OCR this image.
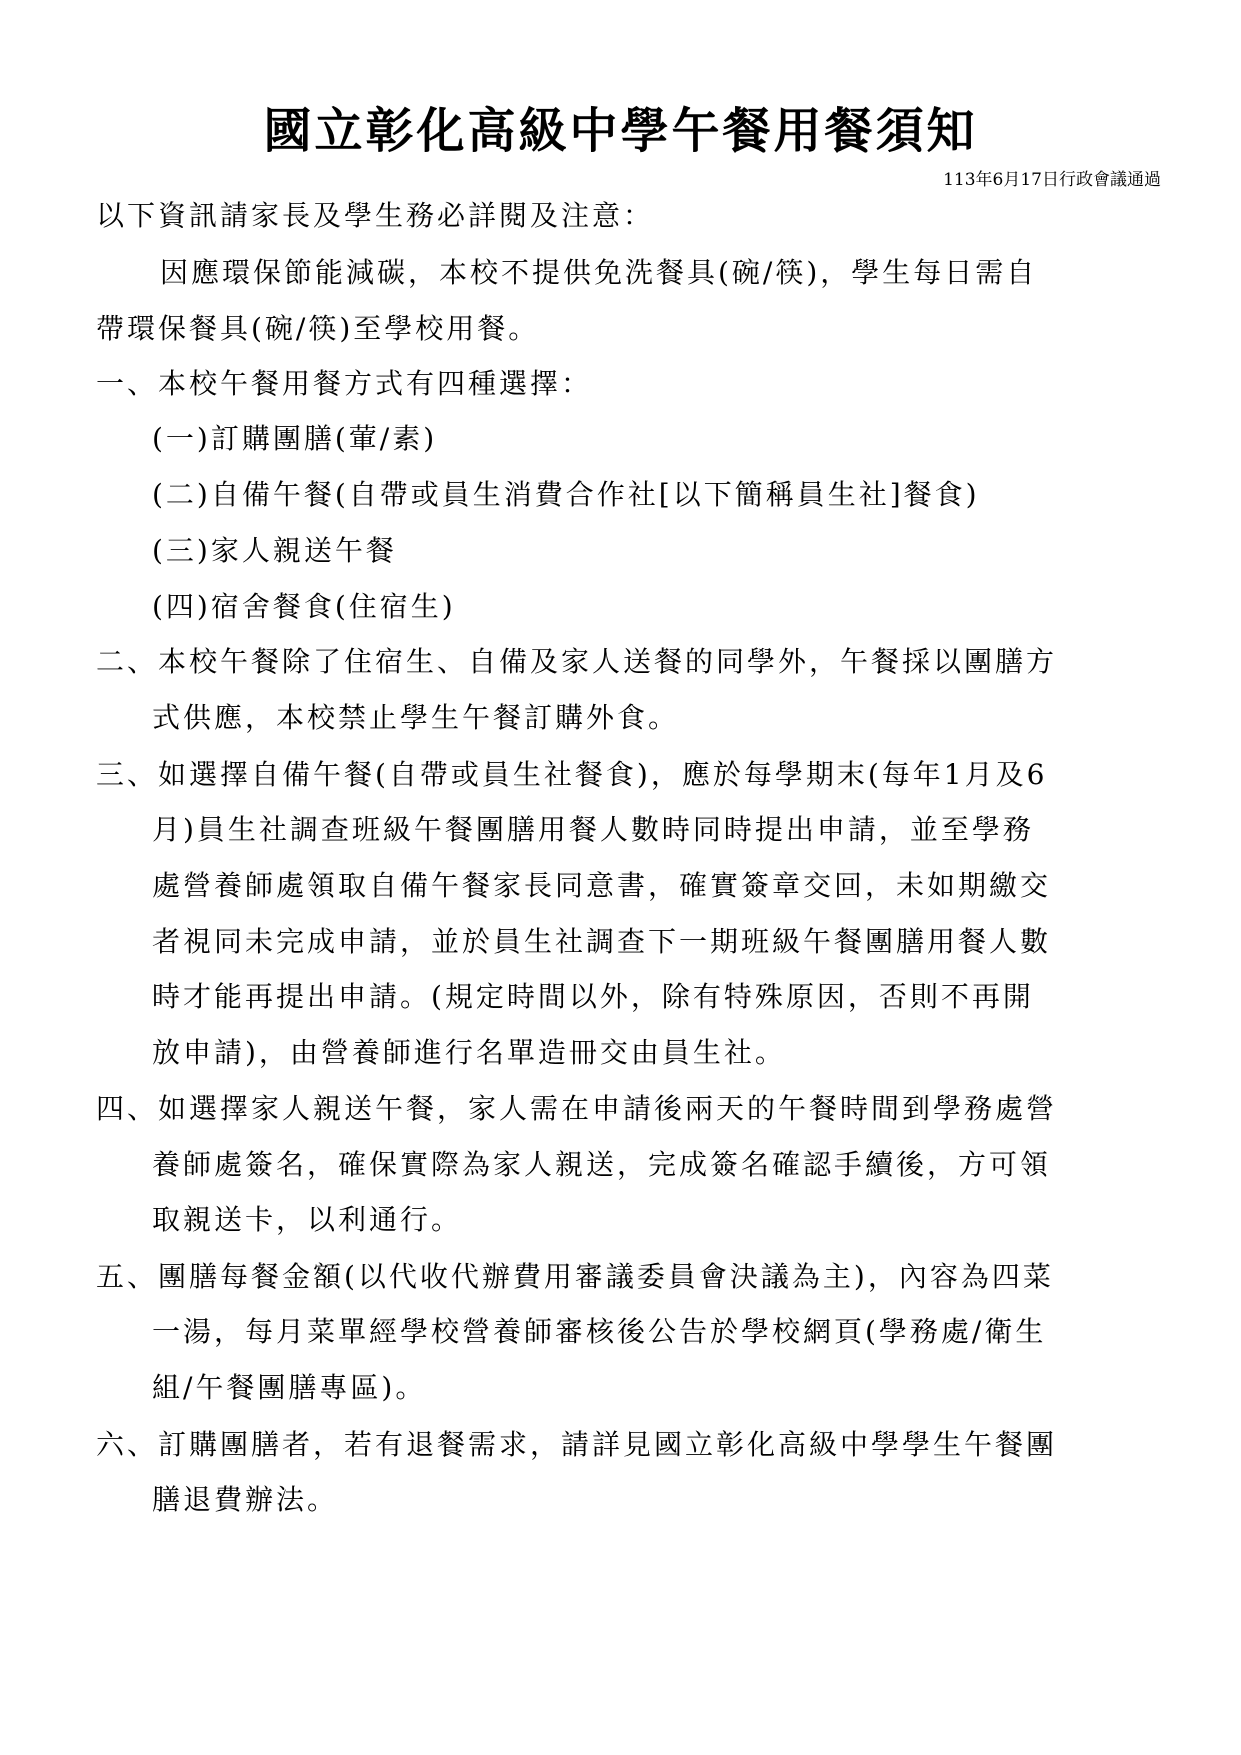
國立彰化高級中學午餐用餐須知
113年6月17日行政會議通過
以下資訊請家長及學生務必詳閱及注意：
因應環保節能減碳，本校不提供免洗餐具(碗/筷)，學生每日需自
帶環保餐具(碗/筷)至學校用餐。
一、本校午餐用餐方式有四種選擇：
(一)訂購團膳(葷/素)
(二)自備午餐(自帶或員生消費合作社[以下簡稱員生社]餐食)
(三)家人親送午餐
(四)宿舍餐食(住宿生)
二、本校午餐除了住宿生、自備及家人送餐的同學外，午餐採以團膳方
式供應，本校禁止學生午餐訂購外食。
三、如選擇自備午餐(自帶或員生社餐食)，應於每學期末(每年1月及6
月)員生社調查班級午餐團膳用餐人數時同時提出申請，並至學務
處營養師處領取自備午餐家長同意書，確實簽章交回，未如期繳交
者視同未完成申請，並於員生社調查下一期班級午餐團膳用餐人數
時才能再提出申請。(規定時間以外，除有特殊原因，否則不再開
放申請)，由營養師進行名單造冊交由員生社。
四、如選擇家人親送午餐，家人需在申請後兩天的午餐時間到學務處營
養師處簽名，確保實際為家人親送，完成簽名確認手續後，方可領
取親送卡，以利通行。
五、團膳每餐金額(以代收代辦費用審議委員會決議為主)，內容為四菜
一湯，每月菜單經學校營養師審核後公告於學校網頁(學務處/衛生
組/午餐團膳專區)。
六、訂購團膳者，若有退餐需求，請詳見國立彰化高級中學學生午餐團
膳退費辦法。
